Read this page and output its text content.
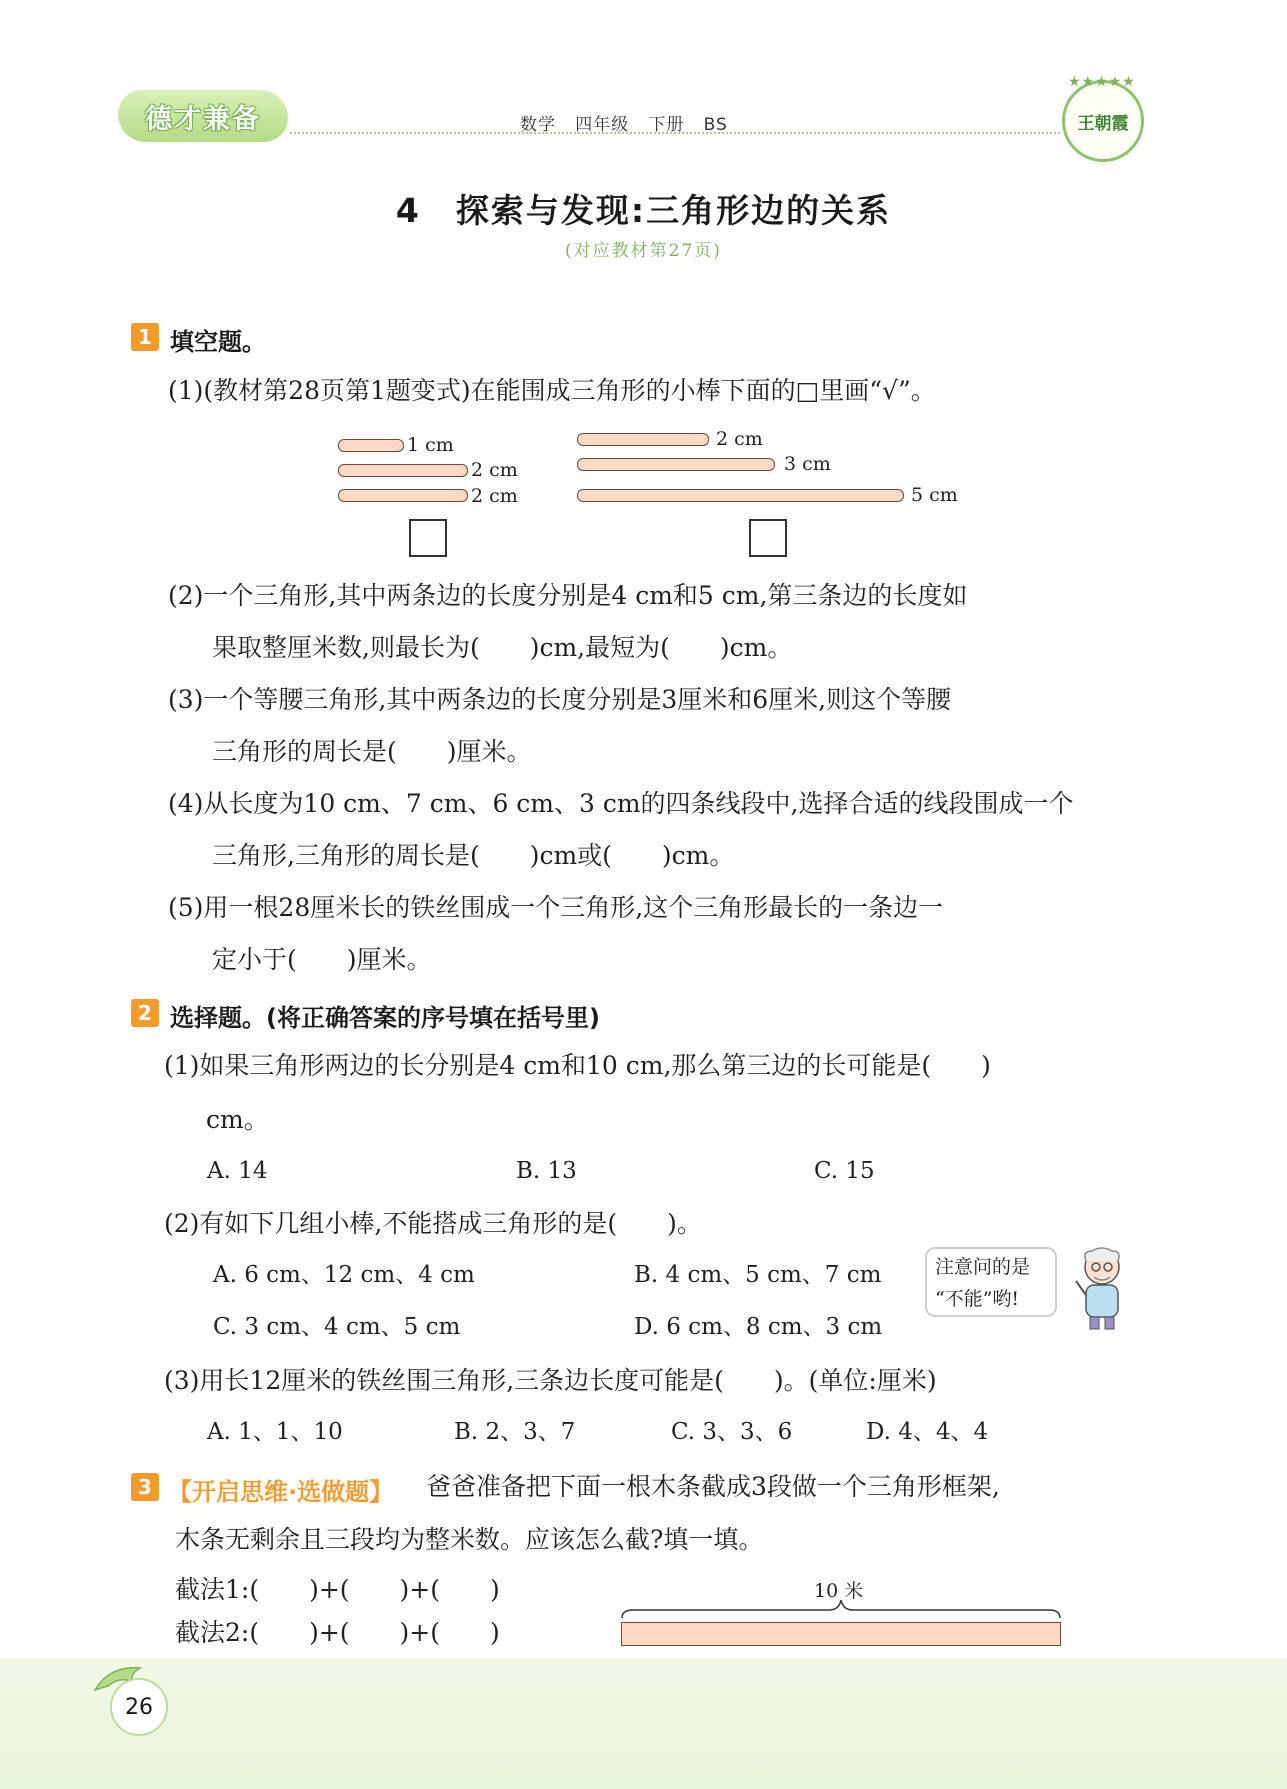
德才兼备	数学 四年级 下册 BS	王朝霞
★★★★★
4　探索与发现:三角形边的关系
(对应教材第27页)
1 填空题。
(1)(教材第28页第1题变式)在能围成三角形的小棒下面的□里画“√”。
1 cm
2 cm
2 cm
2 cm
3 cm
5 cm
(2)一个三角形,其中两条边的长度分别是4 cm和5 cm,第三条边的长度如
果取整厘米数,则最长为(　　)cm,最短为(　　)cm。
(3)一个等腰三角形,其中两条边的长度分别是3厘米和6厘米,则这个等腰
三角形的周长是(　　)厘米。
(4)从长度为10 cm、7 cm、6 cm、3 cm的四条线段中,选择合适的线段围成一个
三角形,三角形的周长是(　　)cm或(　　)cm。
(5)用一根28厘米长的铁丝围成一个三角形,这个三角形最长的一条边一
定小于(　　)厘米。
2 选择题。(将正确答案的序号填在括号里)
(1)如果三角形两边的长分别是4 cm和10 cm,那么第三边的长可能是(　　)
cm。
A. 14	B. 13	C. 15
(2)有如下几组小棒,不能搭成三角形的是(　　)。
A. 6 cm、12 cm、4 cm	B. 4 cm、5 cm、7 cm
C. 3 cm、4 cm、5 cm	D. 6 cm、8 cm、3 cm
注意问的是
“不能”哟!
(3)用长12厘米的铁丝围三角形,三条边长度可能是(　　)。(单位:厘米)
A. 1、1、10	B. 2、3、7	C. 3、3、6	D. 4、4、4
3 【开启思维·选做题】 爸爸准备把下面一根木条截成3段做一个三角形框架,
木条无剩余且三段均为整米数。应该怎么截?填一填。
截法1:(　　)+(　　)+(　　)
截法2:(　　)+(　　)+(　　)
10 米
26
